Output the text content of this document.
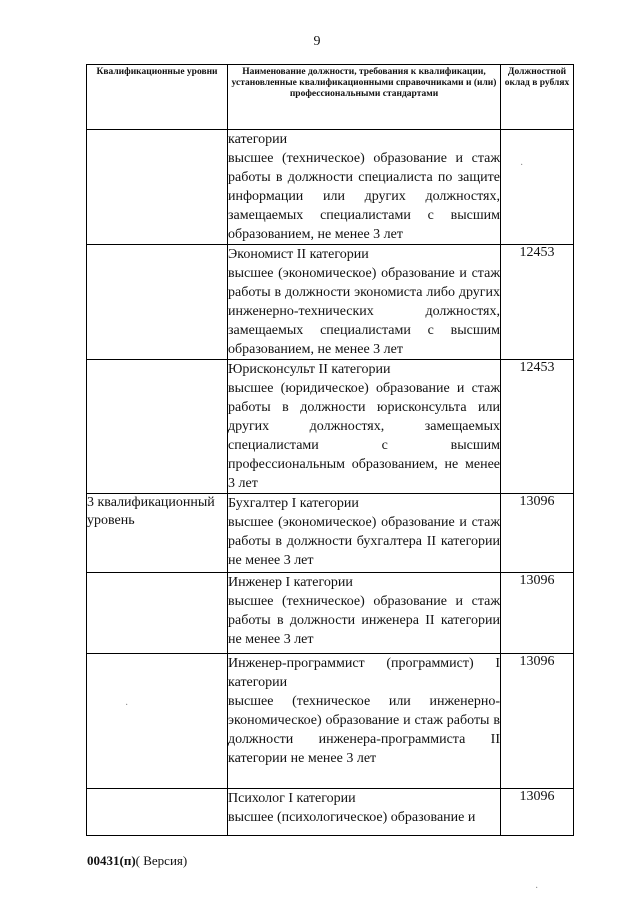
9
Квалификационные уровни	Наименование должности, требования к квалификации, установленные квалификационными справочниками и (или) профессиональными стандартами	Должностной оклад в рублях

	категории
высшее (техническое) образование и стаж работы в должности специалиста по защите информации или других должностях, замещаемых специалистами с высшим образованием, не менее 3 лет	

	Экономист II категории
высшее (экономическое) образование и стаж работы в должности экономиста либо других инженерно-технических должностях, замещаемых специалистами с высшим образованием, не менее 3 лет	12453

	Юрисконсульт II категории
высшее (юридическое) образование и стаж работы в должности юрисконсульта или других должностях, замещаемых специалистами с высшим профессиональным образованием, не менее 3 лет	12453
3 квалификационный уровень	Бухгалтер I категории
высшее (экономическое) образование и стаж работы в должности бухгалтера II категории не менее 3 лет	13096

	Инженер I категории
высшее (техническое) образование и стаж работы в должности инженера II категории не менее 3 лет	13096

	Инженер-программист (программист) I категории
высшее (техническое или инженерно-экономическое) образование и стаж работы в должности инженера-программиста II категории не менее 3 лет	13096

	Психолог I категории
высшее (психологическое) образование и	13096
00431(п)( Версия)
·
·
·
